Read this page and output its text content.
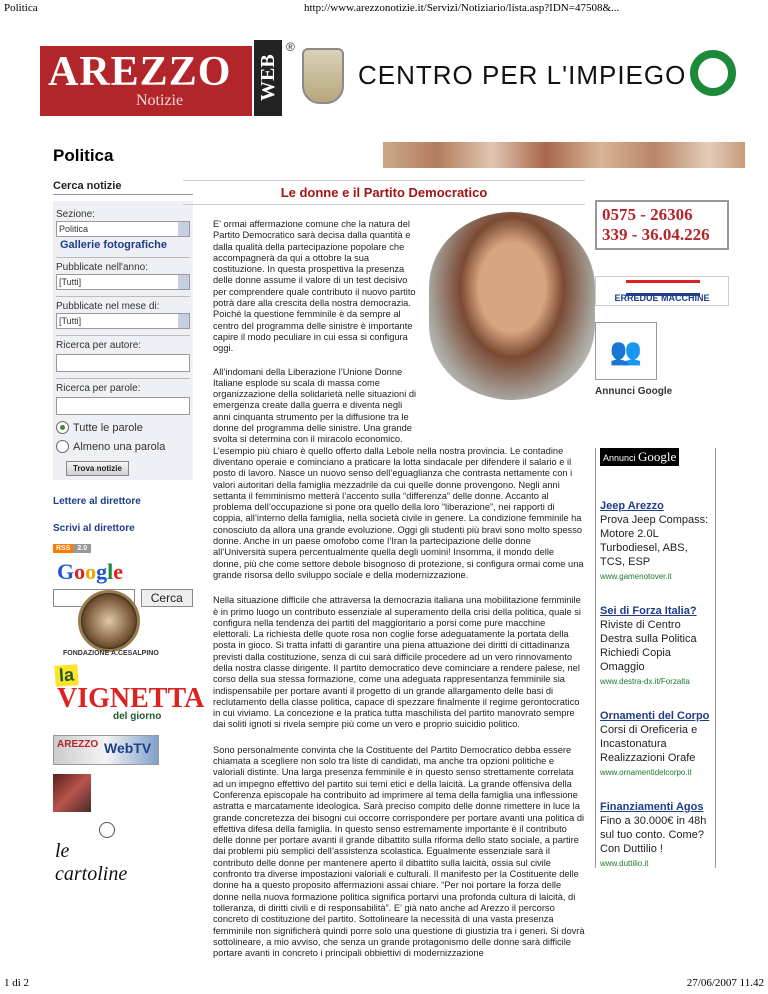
Politica	http://www.arezzonotizie.it/Servizi/Notiziario/lista.asp?IDN=47508&...
AREZZO
Notizie	WEB
®
CENTRO PER L'IMPIEGO
Politica
Cerca notizie
Sezione:
Politica
Gallerie fotografiche
Pubblicate nell'anno:
[Tutti]
Pubblicate nel mese di:
[Tutti]
Ricerca per autore:
Ricerca per parole:
Tutte le parole
Almeno una parola
Trova notizie
Lettere al direttore
Scrivi al direttore
RSS	2.0
Google
Cerca
FONDAZIONE A.CESALPINO
la
VIGNETTA
del giorno
AREZZO WebTV
le cartoline
Le donne e il Partito Democratico

E' ormai affermazione comune che la natura del Partito Democratico sarà decisa dalla quantità e dalla qualità della partecipazione popolare che accompagnerà da qui a ottobre la sua costituzione. In questa prospettiva la presenza delle donne assume il valore di un test decisivo per comprendere quale contributo il nuovo partito potrà dare alla crescita della nostra democrazia. Poiché la questione femminile è da sempre al centro del programma delle sinistre è importante capire il modo peculiare in cui essa si configura oggi.

All’indomani della Liberazione l’Unione Donne Italiane esplode su scala di massa come organizzazione della solidarietà nelle situazioni di emergenza create dalla guerra e diventa negli anni cinquanta strumento per la diffusione tra le donne del programma delle sinistre. Una grande svolta si determina con il miracolo economico. L’esempio più chiaro è quello offerto dalla Lebole nella nostra provincia. Le contadine diventano operaie e cominciano a praticare la lotta sindacale per difendere il salario e il posto di lavoro. Nasce un nuovo senso dell’eguaglianza che contrasta nettamente con i valori autoritari della famiglia mezzadrile da cui quelle donne provengono. Negli anni settanta il femminismo metterà l’accento sulla “differenza” delle donne. Accanto al problema dell’occupazione si pone ora quello della loro “liberazione”, nei rapporti di coppia, all’interno della famiglia, nella società civile in genere. La condizione femminile ha conosciuto da allora una grande evoluzione. Oggi gli studenti più bravi sono molto spesso donne. Anche in un paese omofobo come l’Iran la partecipazione delle donne all’Università supera percentualmente quella degli uomini! Insomma, il mondo delle donne, più che come settore debole bisognoso di protezione, si configura ormai come una grande risorsa dello sviluppo sociale e della modernizzazione.

Nella situazione difficile che attraversa la democrazia italiana una mobilitazione femminile è in primo luogo un contributo essenziale al superamento della crisi della politica, quale si configura nella tendenza dei partiti del maggioritario a porsi come pure macchine elettorali. La richiesta delle quote rosa non coglie forse adeguatamente la portata della posta in gioco. Si tratta infatti di garantire una piena attuazione dei diritti di cittadinanza previsti dalla costituzione, senza di cui sarà difficile procedere ad un vero rinnovamento della nostra classe dirigente. Il partito democratico deve cominciare a rendere palese, nel corso della sua stessa formazione, come una adeguata rappresentanza femminile sia indispensabile per portare avanti il progetto di un grande allargamento delle basi di reclutamento della classe politica, capace di spezzare finalmente il regime gerontocratico in cui viviamo. La concezione e la pratica tutta maschilista del partito manovrato sempre dai soliti ignoti si rivela sempre più come un vero e proprio suicidio politico.

Sono personalmente convinta che la Costituente del Partito Democratico debba essere chiamata a scegliere non solo tra liste di candidati, ma anche tra opzioni politiche e valoriali distinte. Una larga presenza femminile è in questo senso strettamente correlata ad un impegno effettivo del partito sui temi etici e della laicità. La grande offensiva della Conferenza episcopale ha contribuito ad imprimere al tema della famiglia una inflessione astratta e marcatamente ideologica. Sarà preciso compito delle donne rimettere in luce la grande concretezza dei bisogni cui occorre corrispondere per portare avanti una politica di effettiva difesa della famiglia. In questo senso estremamente importante è il contributo delle donne per portare avanti il grande dibattito sulla riforma dello stato sociale, a partire dai problemi più semplici dell’assistenza scolastica. Egualmente essenziale sarà il contributo delle donne per mantenere aperto il dibattito sulla laicità, ossia sul civile confronto tra diverse impostazioni valoriali e culturali. Il manifesto per la Costituente delle donne ha a questo proposito affermazioni assai chiare. “Per noi portare la forza delle donne nella nuova formazione politica significa portarvi una profonda cultura di laicità, di tolleranza, di diritti civili e di responsabilità”. E’ già nato anche ad Arezzo il percorso concreto di costituzione del partito. Sottolineare la necessità di una vasta presenza femminile non significherà quindi porre solo una questione di giustizia tra i generi. Si dovrà sottolineare, a mio avviso, che senza un grande protagonismo delle donne sarà difficile portare avanti in concreto i principali obbiettivi di modernizzazione

0575 - 26306
339 - 36.04.226
ERREDUE MACCHINE
👥
Annunci Google
Annunci Google
Jeep Arezzo
Prova Jeep Compass: Motore 2.0L Turbodiesel, ABS, TCS, ESP
www.gamenotover.it
Sei di Forza Italia?
Riviste di Centro Destra sulla Politica Richiedi Copia Omaggio
www.destra-dx.it/Forzalta
Ornamenti del Corpo
Corsi di Oreficeria e Incastonatura Realizzazioni Orafe
www.ornamentidelcorpo.it
Finanziamenti Agos
Fino a 30.000€ in 48h sul tuo conto. Come? Con Duttilio !
www.duttilio.it
1 di 2	27/06/2007 11.42
